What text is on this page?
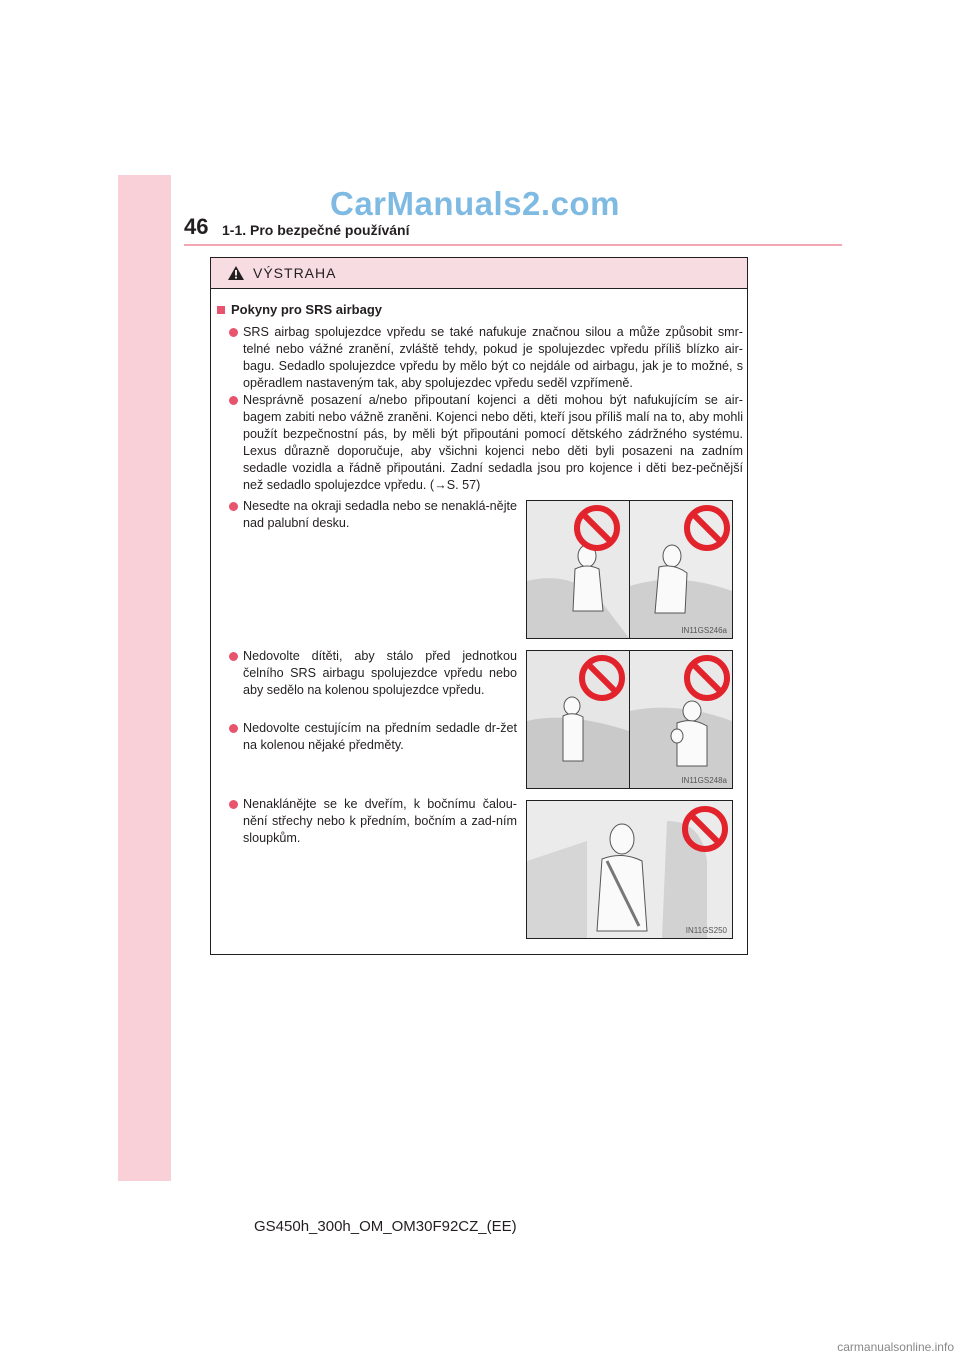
CarManuals2.com
46 1-1. Pro bezpečné používání
VÝSTRAHA
Pokyny pro SRS airbagy
SRS airbag spolujezdce vpředu se také nafukuje značnou silou a může způsobit smr-telné nebo vážné zranění, zvláště tehdy, pokud je spolujezdec vpředu příliš blízko air-bagu. Sedadlo spolujezdce vpředu by mělo být co nejdále od airbagu, jak je to možné, s opěradlem nastaveným tak, aby spolujezdec vpředu seděl vzpřímeně.
Nesprávně posazení a/nebo připoutaní kojenci a děti mohou být nafukujícím se air-bagem zabiti nebo vážně zraněni. Kojenci nebo děti, kteří jsou příliš malí na to, aby mohli použít bezpečnostní pás, by měli být připoutáni pomocí dětského zádržného systému. Lexus důrazně doporučuje, aby všichni kojenci nebo děti byli posazeni na zadním sedadle vozidla a řádně připoutáni. Zadní sedadla jsou pro kojence i děti bez-pečnější než sedadlo spolujezdce vpředu. (→S. 57)
Nesedte na okraji sedadla nebo se nenaklá-nějte nad palubní desku.
Nedovolte dítěti, aby stálo před jednotkou čelního SRS airbagu spolujezdce vpředu nebo aby sedělo na kolenou spolujezdce vpředu.
Nedovolte cestujícím na předním sedadle dr-žet na kolenou nějaké předměty.
Nenaklánějte se ke dveřím, k bočnímu čalou-nění střechy nebo k předním, bočním a zad-ním sloupkům.
IN11GS246a
IN11GS248a
IN11GS250
GS450h_300h_OM_OM30F92CZ_(EE)
carmanualsonline.info
